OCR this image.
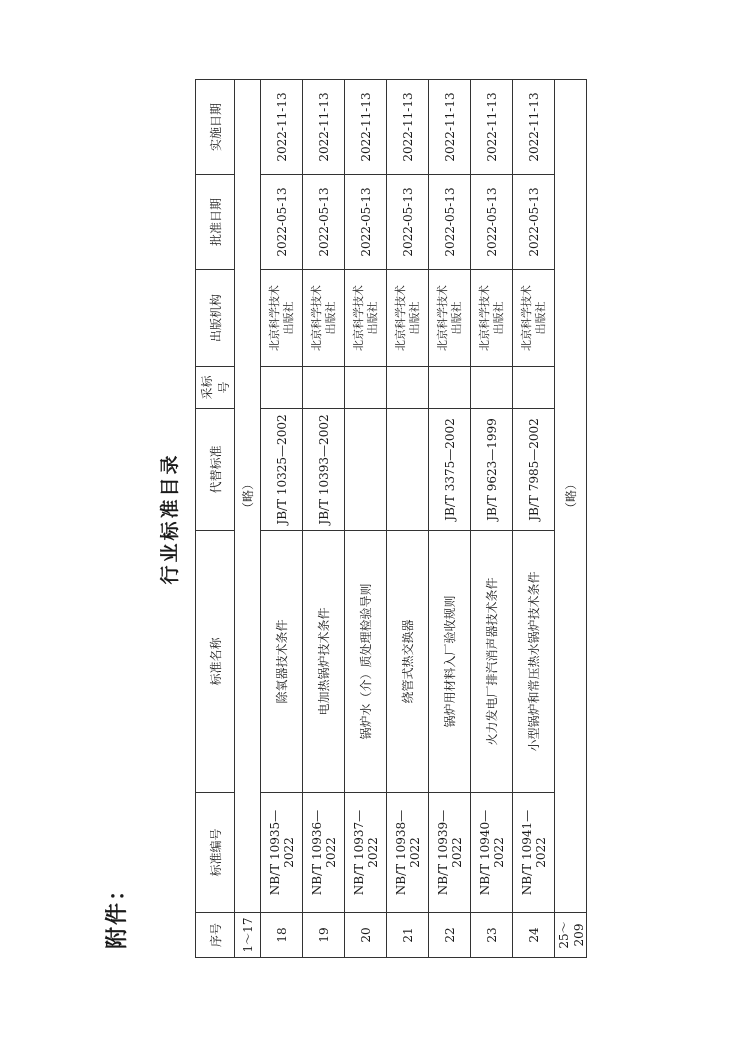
附件：
行业标准目录
序号	标准编号	标准名称	代替标准	采标号	出版机构	批准日期	实施日期
1～17	（略）						
18	NB/T 10935—2022	除氧器技术条件	JB/T 10325—2002		北京科学技术 出版社	2022-05-13	2022-11-13
19	NB/T 10936—2022	电加热锅炉技术条件	JB/T 10393—2002		北京科学技术 出版社	2022-05-13	2022-11-13
20	NB/T 10937—2022	锅炉水（介）质处理检验导则			北京科学技术 出版社	2022-05-13	2022-11-13
21	NB/T 10938—2022	绕管式热交换器			北京科学技术 出版社	2022-05-13	2022-11-13
22	NB/T 10939—2022	锅炉用材料入厂验收规则	JB/T 3375—2002		北京科学技术 出版社	2022-05-13	2022-11-13
23	NB/T 10940—2022	火力发电厂排汽消声器技术条件	JB/T 9623—1999		北京科学技术 出版社	2022-05-13	2022-11-13
24	NB/T 10941—2022	小型锅炉和常压热水锅炉技术条件	JB/T 7985—2002		北京科学技术 出版社	2022-05-13	2022-11-13
25～209	（略）						
